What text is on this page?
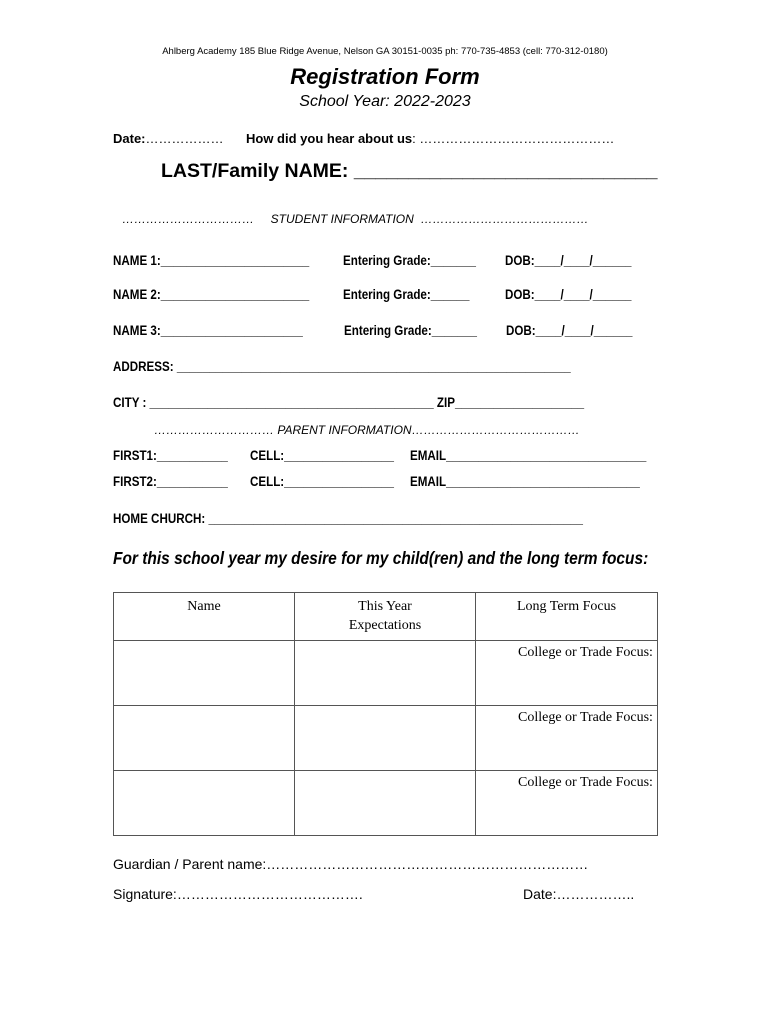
Ahlberg Academy 185 Blue Ridge Avenue, Nelson GA 30151-0035 ph: 770-735-4853 (cell: 770-312-0180)
Registration Form
School Year: 2022-2023
Date:……………… How did you hear about us: ………………………………………
LAST/Family NAME: ____________________________
…………………………… STUDENT INFORMATION ……………………………………
NAME 1:_______________________ Entering Grade:_______ DOB:____/____/______
NAME 2:_______________________ Entering Grade:______	DOB:____/____/______
NAME 3:______________________	Entering Grade:_______ DOB:____/____/______
ADDRESS: _____________________________________________________________
CITY : ____________________________________________ ZIP____________________
………………………… PARENT INFORMATION……………………………………
FIRST1:___________ CELL:_________________ EMAIL_______________________________
FIRST2:___________ CELL:_________________ EMAIL______________________________
HOME CHURCH: __________________________________________________________
For this school year my desire for my child(ren) and the long term focus:
Name	This Year Expectations	Long Term Focus

		College or Trade Focus:

		College or Trade Focus:

		College or Trade Focus:
Guardian / Parent name:……………………………………………………………
Signature:………………………………….	Date:……………..
